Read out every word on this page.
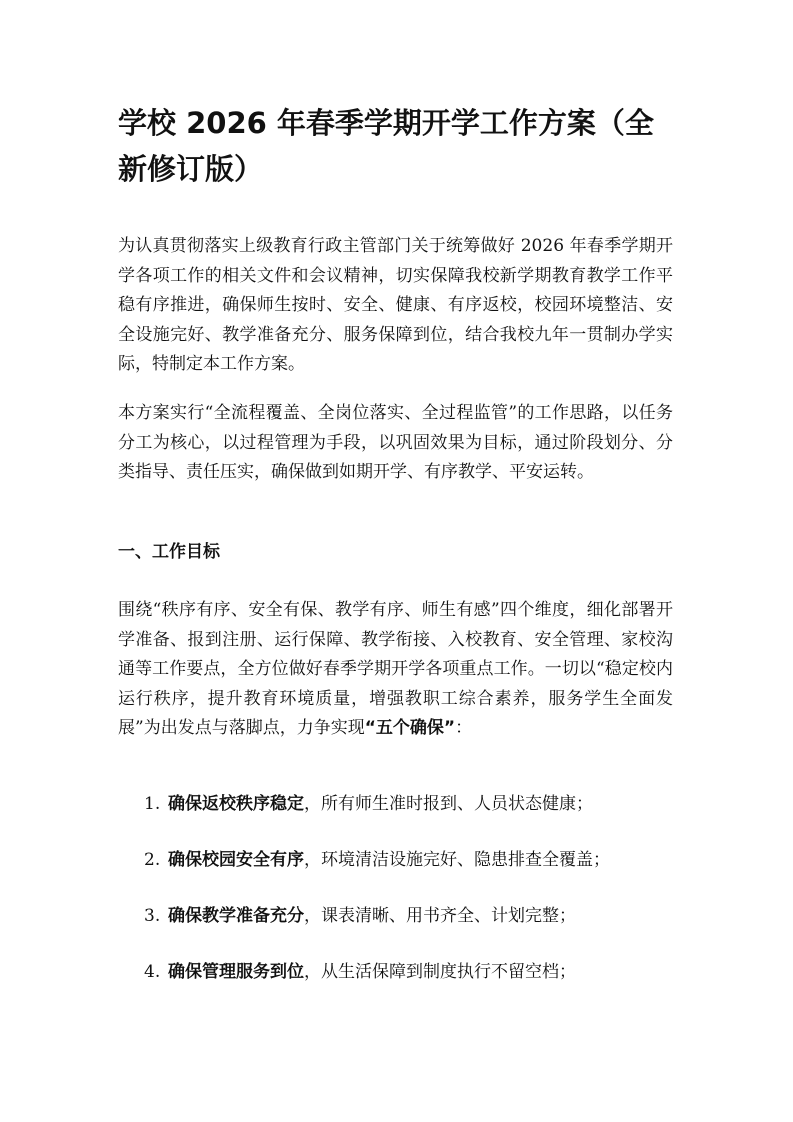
学校 2026 年春季学期开学工作方案（全新修订版）

为认真贯彻落实上级教育行政主管部门关于统筹做好 2026 年春季学期开学各项工作的相关文件和会议精神，切实保障我校新学期教育教学工作平稳有序推进，确保师生按时、安全、健康、有序返校，校园环境整洁、安全设施完好、教学准备充分、服务保障到位，结合我校九年一贯制办学实际，特制定本工作方案。

本方案实行“全流程覆盖、全岗位落实、全过程监管”的工作思路，以任务分工为核心，以过程管理为手段，以巩固效果为目标，通过阶段划分、分类指导、责任压实，确保做到如期开学、有序教学、平安运转。

一、工作目标

围绕“秩序有序、安全有保、教学有序、师生有感”四个维度，细化部署开学准备、报到注册、运行保障、教学衔接、入校教育、安全管理、家校沟通等工作要点，全方位做好春季学期开学各项重点工作。一切以“稳定校内运行秩序，提升教育环境质量，增强教职工综合素养，服务学生全面发展”为出发点与落脚点，力争实现“五个确保”：

1. 确保返校秩序稳定，所有师生准时报到、人员状态健康；
2. 确保校园安全有序，环境清洁设施完好、隐患排查全覆盖；
3. 确保教学准备充分，课表清晰、用书齐全、计划完整；
4. 确保管理服务到位，从生活保障到制度执行不留空档；
